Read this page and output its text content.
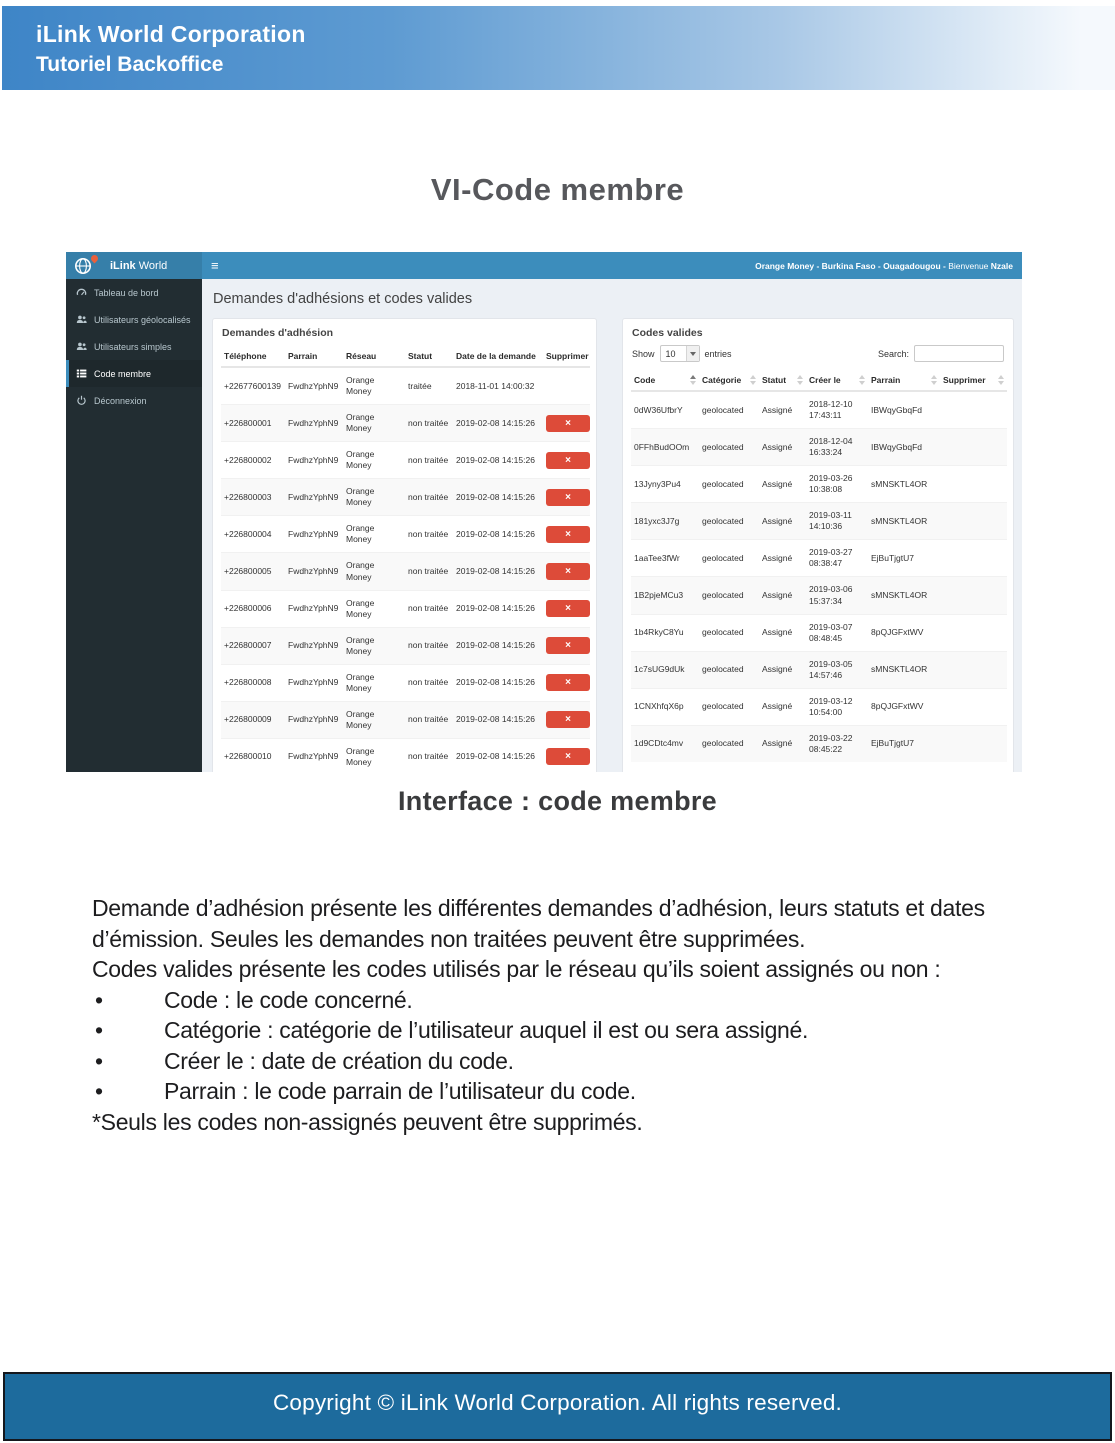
iLink World Corporation
Tutoriel Backoffice
VI-Code membre
iLink World
Tableau de bord
Utilisateurs géolocalisés
Utilisateurs simples
Code membre
Déconnexion
≡	Orange Money - Burkina Faso - Ouagadougou - Bienvenue Nzale
Demandes d'adhésions et codes valides
Demandes d'adhésion
Téléphone	Parrain	Réseau	Statut	Date de la demande	Supprimer
+22677600139	FwdhzYphN9	Orange Money	traitée	2018-11-01 14:00:32	
+226800001	FwdhzYphN9	Orange Money	non traitée	2019-02-08 14:15:26	×

+226800002	FwdhzYphN9	Orange Money	non traitée	2019-02-08 14:15:26	×

+226800003	FwdhzYphN9	Orange Money	non traitée	2019-02-08 14:15:26	×

+226800004	FwdhzYphN9	Orange Money	non traitée	2019-02-08 14:15:26	×

+226800005	FwdhzYphN9	Orange Money	non traitée	2019-02-08 14:15:26	×

+226800006	FwdhzYphN9	Orange Money	non traitée	2019-02-08 14:15:26	×

+226800007	FwdhzYphN9	Orange Money	non traitée	2019-02-08 14:15:26	×

+226800008	FwdhzYphN9	Orange Money	non traitée	2019-02-08 14:15:26	×

+226800009	FwdhzYphN9	Orange Money	non traitée	2019-02-08 14:15:26	×

+226800010	FwdhzYphN9	Orange Money	non traitée	2019-02-08 14:15:26	×

Codes valides
Show 10	entries	Search:
Code	Catégorie	Statut	Créer le	Parrain	Supprimer

0dW36UfbrY	geolocated	Assigné	2018-12-10 17:43:11	IBWqyGbqFd	
0FFhBudOOm	geolocated	Assigné	2018-12-04 16:33:24	IBWqyGbqFd	
13Jyny3Pu4	geolocated	Assigné	2019-03-26 10:38:08	sMNSKTL4OR	
181yxc3J7g	geolocated	Assigné	2019-03-11 14:10:36	sMNSKTL4OR	
1aaTee3fWr	geolocated	Assigné	2019-03-27 08:38:47	EjBuTjgtU7	
1B2pjeMCu3	geolocated	Assigné	2019-03-06 15:37:34	sMNSKTL4OR	
1b4RkyC8Yu	geolocated	Assigné	2019-03-07 08:48:45	8pQJGFxtWV	
1c7sUG9dUk	geolocated	Assigné	2019-03-05 14:57:46	sMNSKTL4OR	
1CNXhfqX6p	geolocated	Assigné	2019-03-12 10:54:00	8pQJGFxtWV	
1d9CDtc4mv	geolocated	Assigné	2019-03-22 08:45:22	EjBuTjgtU7	
Interface : code membre
Demande d’adhésion présente les différentes demandes d’adhésion, leurs statuts et dates d’émission. Seules les demandes non traitées peuvent être supprimées.
Codes valides présente les codes utilisés par le réseau qu’ils soient assignés ou non :
•	Code : le code concerné.
•	Catégorie : catégorie de l’utilisateur auquel il est ou sera assigné.
•	Créer le : date de création du code.
•	Parrain : le code parrain de l’utilisateur du code.
*Seuls les codes non-assignés peuvent être supprimés.
Copyright © iLink World Corporation. All rights reserved.
